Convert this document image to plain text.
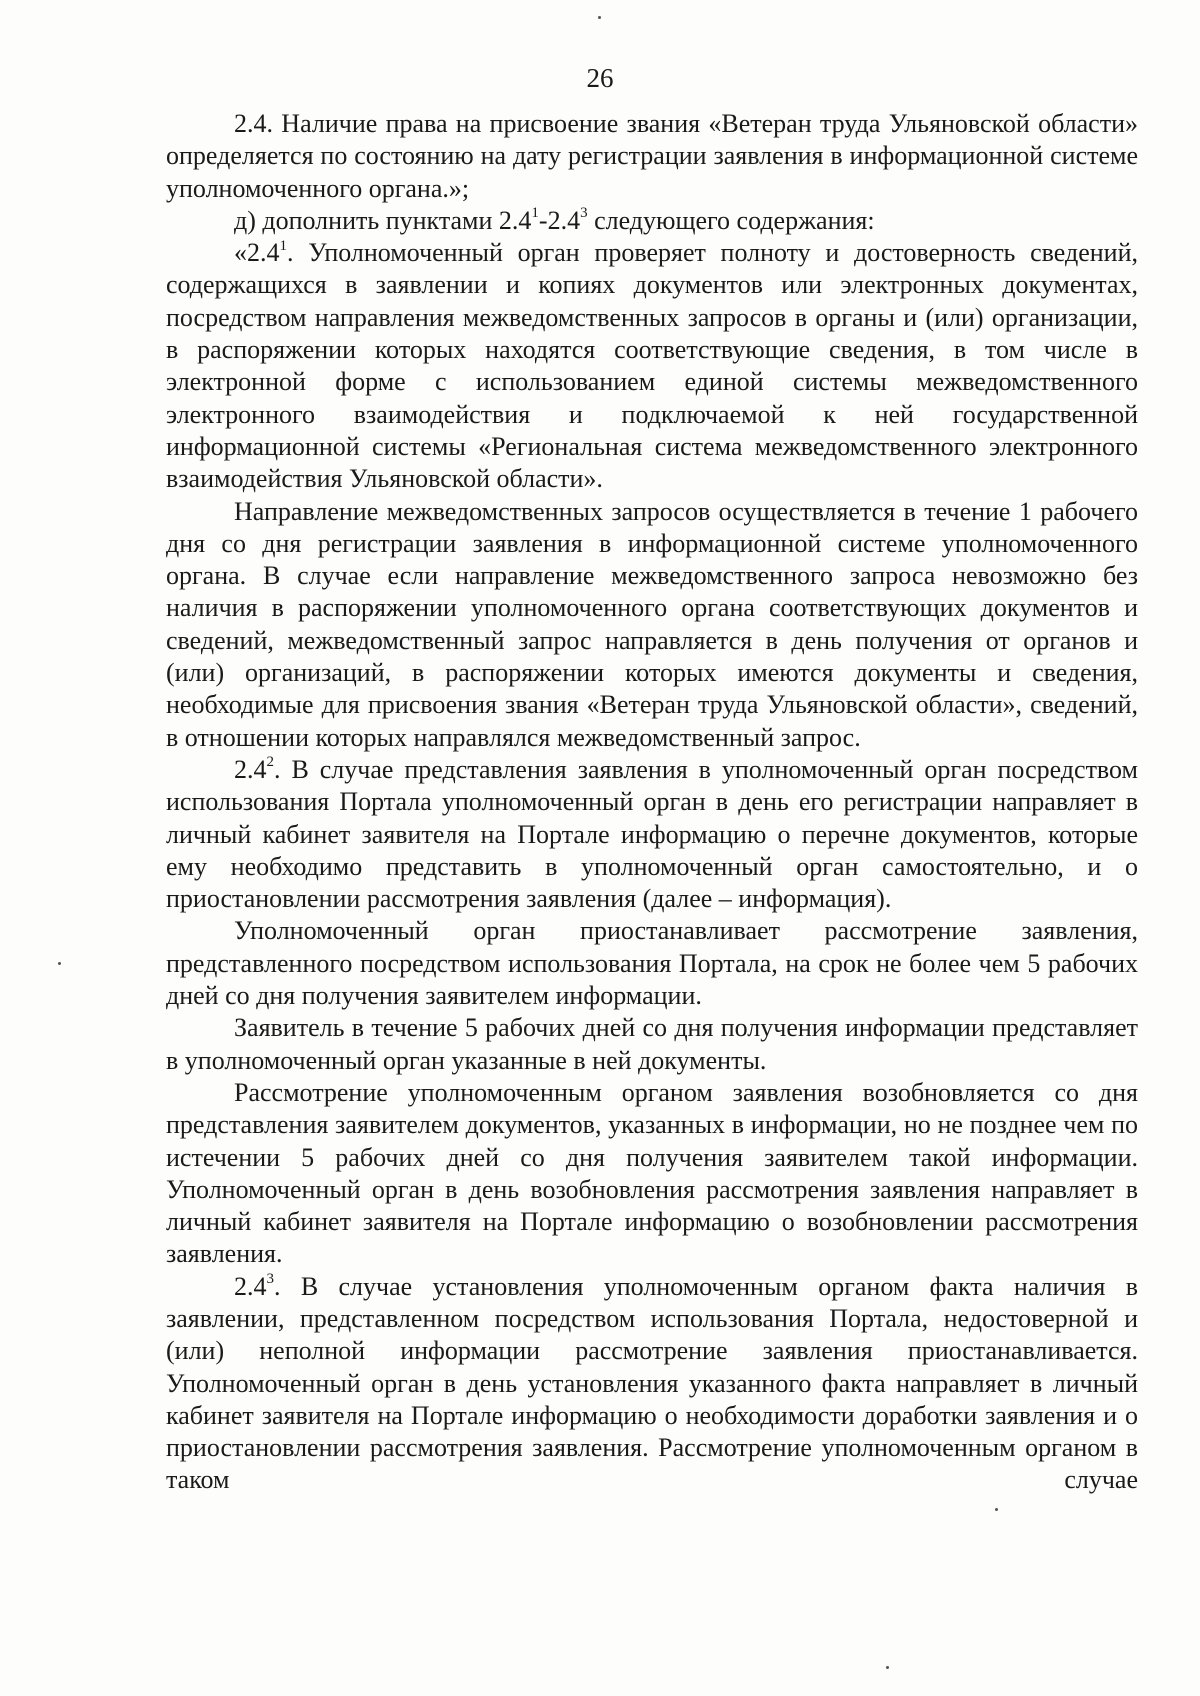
26

2.4. Наличие права на присвоение звания «Ветеран труда Ульяновской области» определяется по состоянию на дату регистрации заявления в информационной системе уполномоченного органа.»;

д) дополнить пунктами $2.4^1-2.4^3$ следующего содержания:

«$2.4^1$. Уполномоченный орган проверяет полноту и достоверность сведений, содержащихся в заявлении и копиях документов или электронных документах, посредством направления межведомственных запросов в органы и (или) организации, в распоряжении которых находятся соответствующие сведения, в том числе в электронной форме с использованием единой системы межведомственного электронного взаимодействия и подключаемой к ней государственной информационной системы «Региональная система межведомственного электронного взаимодействия Ульяновской области».

Направление межведомственных запросов осуществляется в течение 1 рабочего дня со дня регистрации заявления в информационной системе уполномоченного органа. В случае если направление межведомственного запроса невозможно без наличия в распоряжении уполномоченного органа соответствующих документов и сведений, межведомственный запрос направляется в день получения от органов и (или) организаций, в распоряжении которых имеются документы и сведения, необходимые для присвоения звания «Ветеран труда Ульяновской области», сведений, в отношении которых направлялся межведомственный запрос.

$2.4^2$. В случае представления заявления в уполномоченный орган посредством использования Портала уполномоченный орган в день его регистрации направляет в личный кабинет заявителя на Портале информацию о перечне документов, которые ему необходимо представить в уполномоченный орган самостоятельно, и о приостановлении рассмотрения заявления (далее – информация).

Уполномоченный орган приостанавливает рассмотрение заявления, представленного посредством использования Портала, на срок не более чем 5 рабочих дней со дня получения заявителем информации.

Заявитель в течение 5 рабочих дней со дня получения информации представляет в уполномоченный орган указанные в ней документы.

Рассмотрение уполномоченным органом заявления возобновляется со дня представления заявителем документов, указанных в информации, но не позднее чем по истечении 5 рабочих дней со дня получения заявителем такой информации. Уполномоченный орган в день возобновления рассмотрения заявления направляет в личный кабинет заявителя на Портале информацию о возобновлении рассмотрения заявления.

$2.4^3$. В случае установления уполномоченным органом факта наличия в заявлении, представленном посредством использования Портала, недостоверной и (или) неполной информации рассмотрение заявления приостанавливается. Уполномоченный орган в день установления указанного факта направляет в личный кабинет заявителя на Портале информацию о необходимости доработки заявления и о приостановлении рассмотрения заявления. Рассмотрение уполномоченным органом в таком случае
